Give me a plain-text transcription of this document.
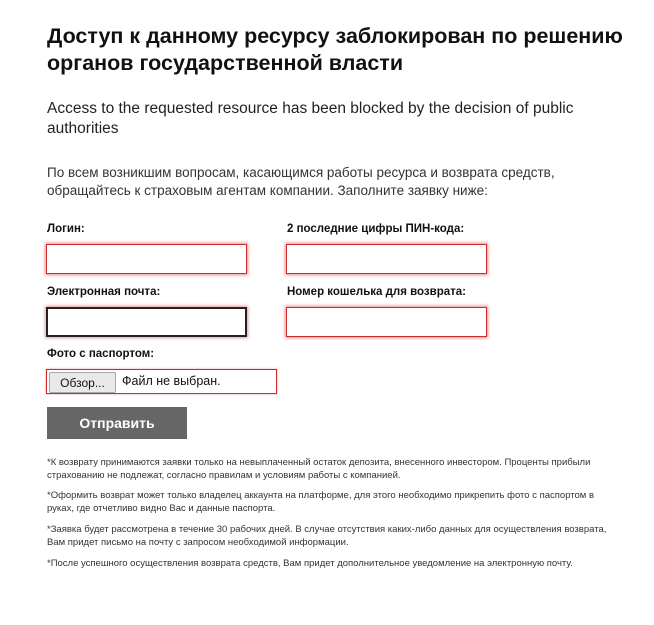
Доступ к данному ресурсу заблокирован по решению органов государственной власти

Access to the requested resource has been blocked by the decision of public authorities

По всем возникшим вопросам, касающимся работы ресурса и возврата средств, обращайтесь к страховым агентам компании. Заполните заявку ниже:

Логин:	2 последние цифры ПИН-кода:
Электронная почта:	Номер кошелька для возврата:
Фото с паспортом:
Обзор...	Файл не выбран.
Отправить

*К возврату принимаются заявки только на невыплаченный остаток депозита, внесенного инвестором. Проценты прибыли страхованию не подлежат, согласно правилам и условиям работы с компанией.

*Оформить возврат может только владелец аккаунта на платформе, для этого необходимо прикрепить фото с паспортом в руках, где отчетливо видно Вас и данные паспорта.

*Заявка будет рассмотрена в течение 30 рабочих дней. В случае отсутствия каких-либо данных для осуществления возврата, Вам придет письмо на почту с запросом необходимой информации.

*После успешного осуществления возврата средств, Вам придет дополнительное уведомление на электронную почту.
